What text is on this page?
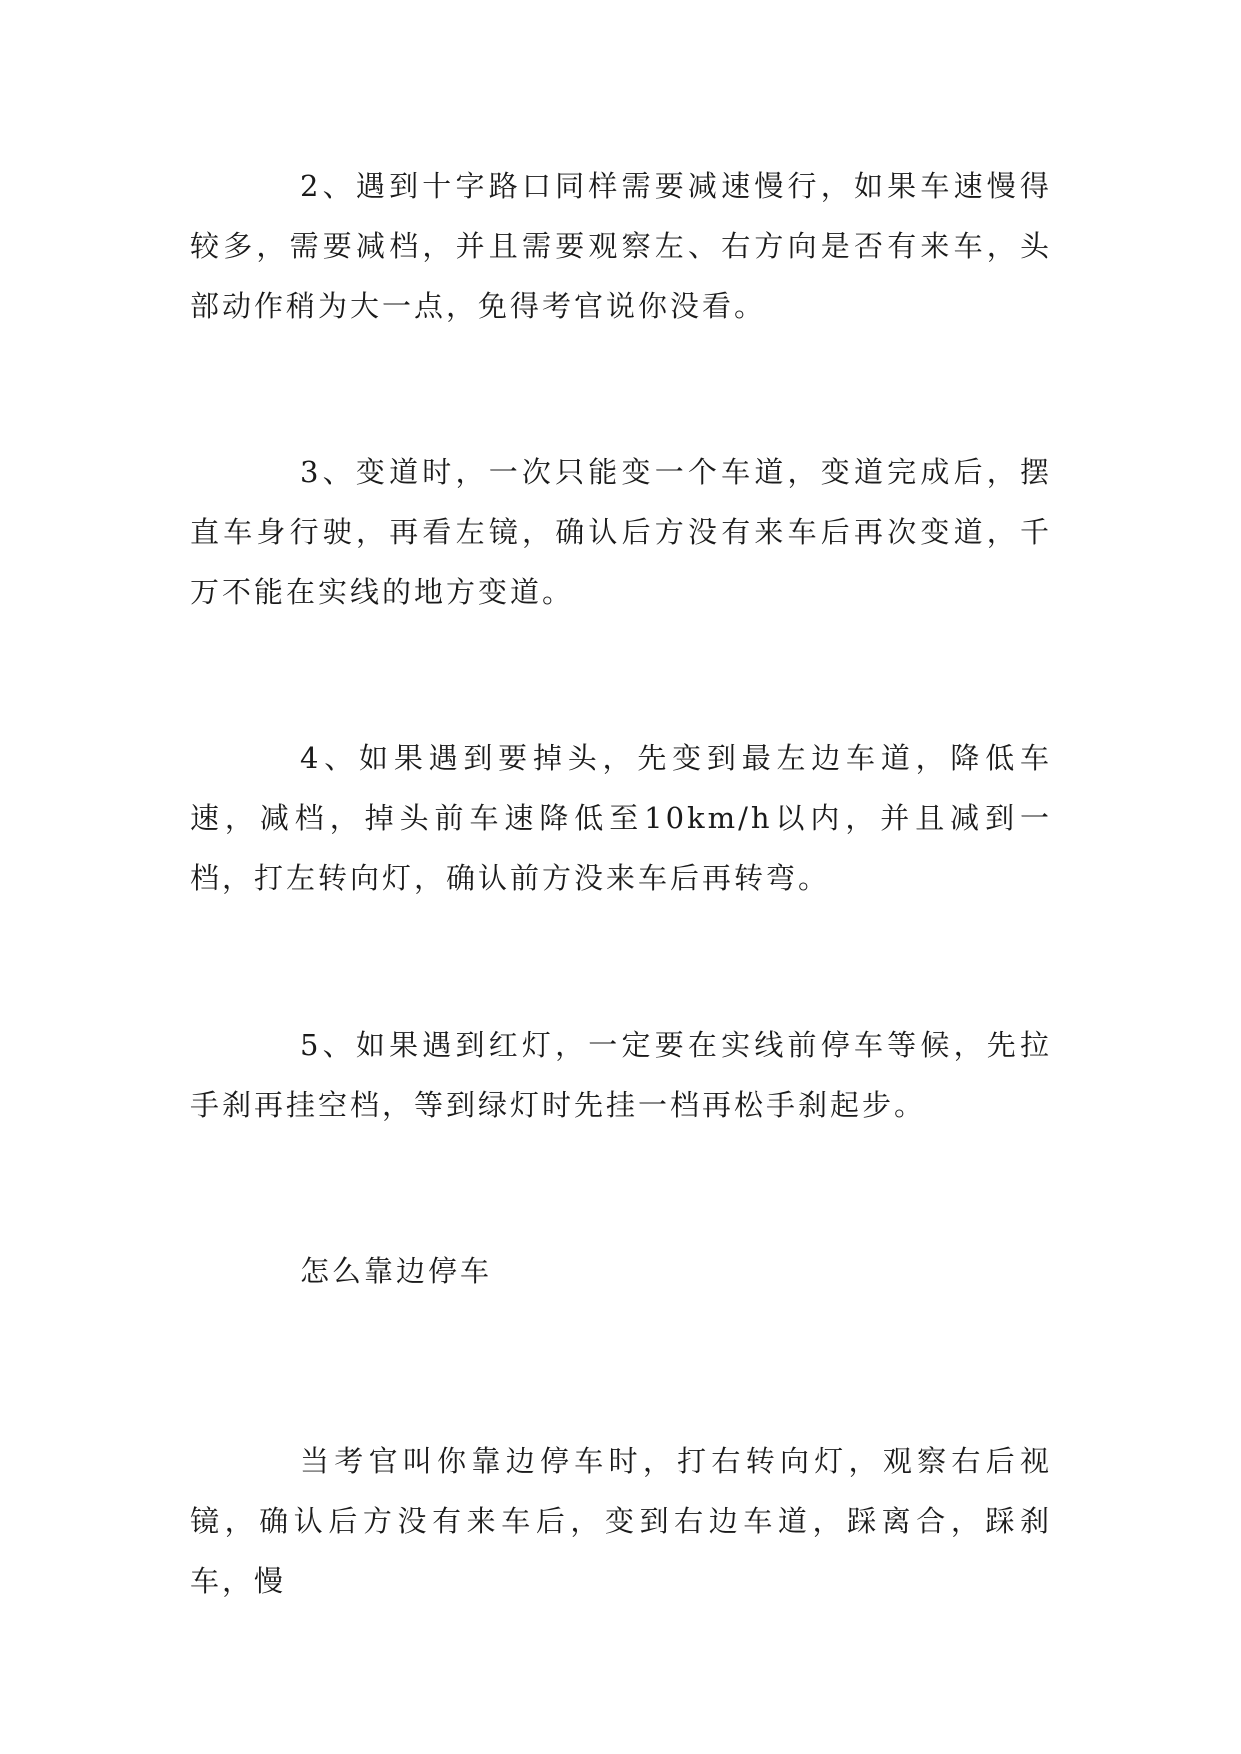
2、遇到十字路口同样需要减速慢行，如果车速慢得较多，需要减档，并且需要观察左、右方向是否有来车，头部动作稍为大一点，免得考官说你没看。

3、变道时，一次只能变一个车道，变道完成后，摆直车身行驶，再看左镜，确认后方没有来车后再次变道，千万不能在实线的地方变道。

4、如果遇到要掉头，先变到最左边车道，降低车速，减档，掉头前车速降低至10km/h以内，并且减到一档，打左转向灯，确认前方没来车后再转弯。

5、如果遇到红灯，一定要在实线前停车等候，先拉手刹再挂空档，等到绿灯时先挂一档再松手刹起步。

怎么靠边停车

当考官叫你靠边停车时，打右转向灯，观察右后视镜，确认后方没有来车后，变到右边车道，踩离合，踩刹车，慢
